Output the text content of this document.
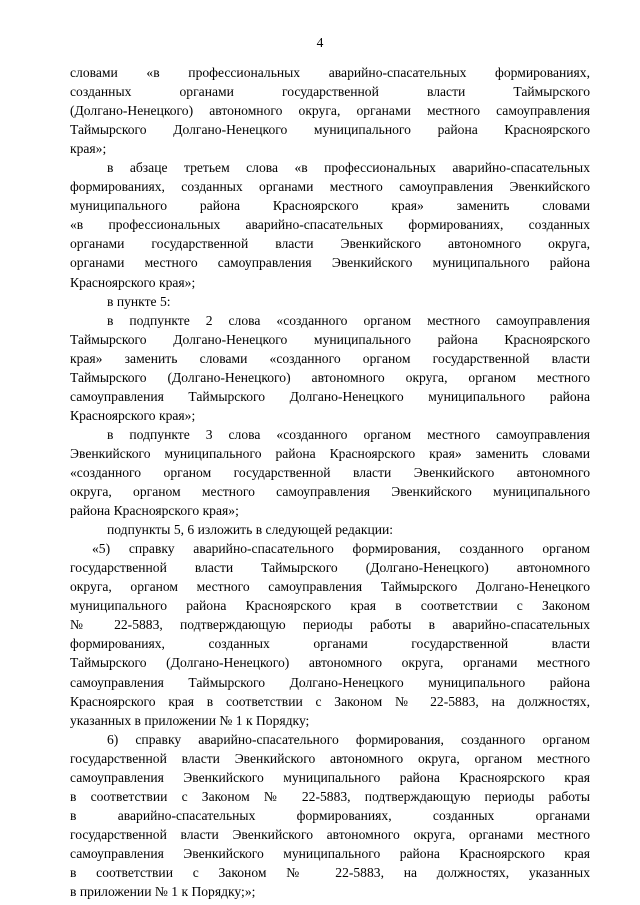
4
словами «в профессиональных аварийно-спасательных формированиях,
созданных органами государственной власти Таймырского
(Долгано-Ненецкого) автономного округа, органами местного самоуправления
Таймырского Долгано-Ненецкого муниципального района Красноярского
края»;
в абзаце третьем слова «в профессиональных аварийно-спасательных
формированиях, созданных органами местного самоуправления Эвенкийского
муниципального района Красноярского края» заменить словами
«в профессиональных аварийно-спасательных формированиях, созданных
органами государственной власти Эвенкийского автономного округа,
органами местного самоуправления Эвенкийского муниципального района
Красноярского края»;
в пункте 5:
в подпункте 2 слова «созданного органом местного самоуправления
Таймырского Долгано-Ненецкого муниципального района Красноярского
края» заменить словами «созданного органом государственной власти
Таймырского (Долгано-Ненецкого) автономного округа, органом местного
самоуправления Таймырского Долгано-Ненецкого муниципального района
Красноярского края»;
в подпункте 3 слова «созданного органом местного самоуправления
Эвенкийского муниципального района Красноярского края» заменить словами
«созданного органом государственной власти Эвенкийского автономного
округа, органом местного самоуправления Эвенкийского муниципального
района Красноярского края»;
подпункты 5, 6 изложить в следующей редакции:
«5) справку аварийно-спасательного формирования, созданного органом
государственной власти Таймырского (Долгано-Ненецкого) автономного
округа, органом местного самоуправления Таймырского Долгано-Ненецкого
муниципального района Красноярского края в соответствии с Законом
№ 22-5883, подтверждающую периоды работы в аварийно-спасательных
формированиях, созданных органами государственной власти
Таймырского (Долгано-Ненецкого) автономного округа, органами местного
самоуправления Таймырского Долгано-Ненецкого муниципального района
Красноярского края в соответствии с Законом № 22-5883, на должностях,
указанных в приложении № 1 к Порядку;
6) справку аварийно-спасательного формирования, созданного органом
государственной власти Эвенкийского автономного округа, органом местного
самоуправления Эвенкийского муниципального района Красноярского края
в соответствии с Законом № 22-5883, подтверждающую периоды работы
в аварийно-спасательных формированиях, созданных органами
государственной власти Эвенкийского автономного округа, органами местного
самоуправления Эвенкийского муниципального района Красноярского края
в соответствии с Законом № 22-5883, на должностях, указанных
в приложении № 1 к Порядку;»;
